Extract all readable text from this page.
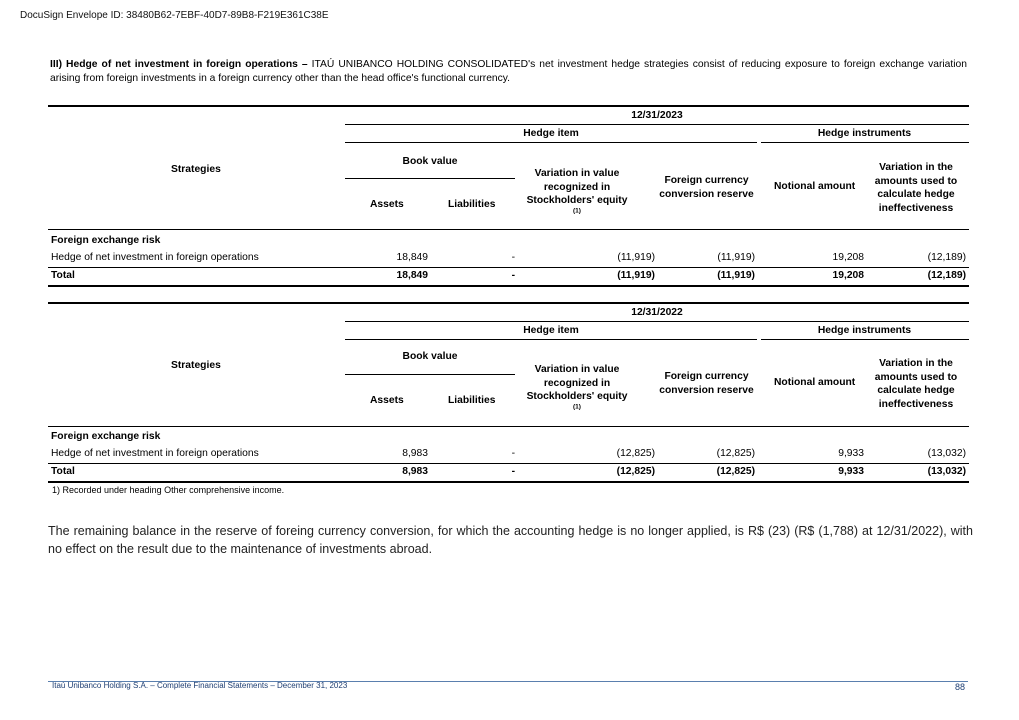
DocuSign Envelope ID: 38480B62-7EBF-40D7-89B8-F219E361C38E
III) Hedge of net investment in foreign operations – ITAÚ UNIBANCO HOLDING CONSOLIDATED's net investment hedge strategies consist of reducing exposure to foreign exchange variation arising from foreign investments in a foreign currency other than the head office's functional currency.
12/31/2023
Hedge item	Hedge instruments
Strategies
Book value
Assets	Liabilities
Variation in value recognized in Stockholders' equity $^{(1)}$
Foreign currency conversion reserve
Notional amount
Variation in the amounts used to calculate hedge ineffectiveness
Foreign exchange risk
Hedge of net investment in foreign operations	18,849	-	(11,919)	(11,919)	19,208	(12,189)
Total	18,849	-	(11,919)	(11,919)	19,208	(12,189)
12/31/2022
Hedge item	Hedge instruments
Strategies
Book value
Assets	Liabilities
Variation in value recognized in Stockholders' equity $^{(1)}$
Foreign currency conversion reserve
Notional amount
Variation in the amounts used to calculate hedge ineffectiveness
Foreign exchange risk
Hedge of net investment in foreign operations	8,983	-	(12,825)	(12,825)	9,933	(13,032)
Total	8,983	-	(12,825)	(12,825)	9,933	(13,032)
1) Recorded under heading Other comprehensive income.
The remaining balance in the reserve of foreing currency conversion, for which the accounting hedge is no longer applied, is R$ (23) (R$ (1,788) at 12/31/2022), with no effect on the result due to the maintenance of investments abroad.
Itaú Unibanco Holding S.A. – Complete Financial Statements – December 31, 2023	88
